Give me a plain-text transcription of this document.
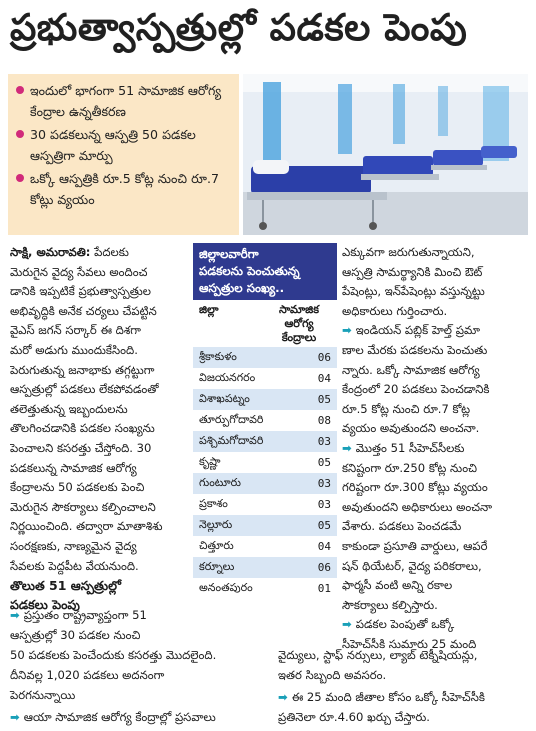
ప్రభుత్వాస్పత్రుల్లో పడకల పెంపు
ఇందులో భాగంగా 51 సామాజిక ఆరోగ్య కేంద్రాల ఉన్నతీకరణ
30 పడకలున్న ఆస్పత్రి 50 పడకల ఆస్పత్రిగా మార్పు
ఒక్కో ఆస్పత్రికి రూ.5 కోట్ల నుంచి రూ.7 కోట్లు వ్యయం
సాక్షి, అమరావతి: పేదలకు
మెరుగైన వైద్య సేవలు అందించ
డానికి ఇప్పటికే ప్రభుత్వాస్పత్రుల
అభివృద్ధికి అనేక చర్యలు చేపట్టిన
వైఎస్ జగన్ సర్కార్ ఈ దిశగా
మరో అడుగు ముందుకేసింది.
పెరుగుతున్న జనాభాకు తగ్గట్టుగా
ఆస్పత్రుల్లో పడకలు లేకపోవడంతో
తలెత్తుతున్న ఇబ్బందులను
తొలగించడానికి పడకల సంఖ్యను
పెంచాలని కసరత్తు చేస్తోంది. 30
పడకలున్న సామాజిక ఆరోగ్య
కేంద్రాలను 50 పడకలకు పెంచి
మెరుగైన సౌకర్యాలు కల్పించాలని
నిర్ణయించింది. తద్వారా మాతాశిశు
సంరక్షణకు, నాణ్యమైన వైద్య
సేవలకు పెద్దపీట వేయనుంది.
తొలుత 51 ఆస్పత్రుల్లో
పడకలు పెంపు
➡ ప్రస్తుతం రాష్ట్రవ్యాప్తంగా 51
ఆస్పత్రుల్లో 30 పడకల నుంచి
50 పడకలకు పెంచేందుకు కసరత్తు మొదలైంది.
దీనివల్ల 1,020 పడకలు అదనంగా
పెరగనున్నాయి
➡ ఆయా సామాజిక ఆరోగ్య కేంద్రాల్లో ప్రసవాలు
జిల్లాలవారీగా
పడకలను పెంచుతున్న
ఆస్పత్రుల సంఖ్య..
జిల్లా	సామాజిక
ఆరోగ్య
కేంద్రాలు
శ్రీకాకుళం	06
విజయనగరం	04
విశాఖపట్నం	05
తూర్పుగోదావరి	08
పశ్చిమగోదావరి	03
కృష్ణా	05
గుంటూరు	03
ప్రకాశం	03
నెల్లూరు	05
చిత్తూరు	04
కర్నూలు	06
అనంతపురం	01
ఎక్కువగా జరుగుతున్నాయని,
ఆస్పత్రి సామర్థ్యానికి మించి ఔట్
పేషెంట్లు, ఇన్‌పేషెంట్లు వస్తున్నట్టు
అధికారులు గుర్తించారు.
➡ ఇండియన్ పబ్లిక్ హెల్త్ ప్రమా
ణాల మేరకు పడకలను పెంచుతు
న్నారు. ఒక్కో సామాజిక ఆరోగ్య
కేంద్రంలో 20 పడకలు పెంచడానికి
రూ.5 కోట్ల నుంచి రూ.7 కోట్ల
వ్యయం అవుతుందని అంచనా.
➡ మొత్తం 51 సీహెచ్‌సీలకు
కనిష్టంగా రూ.250 కోట్ల నుంచి
గరిష్టంగా రూ.300 కోట్లు వ్యయం
అవుతుందని అధికారులు అంచనా
వేశారు. పడకలు పెంచడమే
కాకుండా ప్రసూతి వార్డులు, ఆపరే
షన్ థియేటర్, వైద్య పరికరాలు,
ఫార్మసీ వంటి అన్ని రకాల
సౌకర్యాలు కల్పిస్తారు.
➡ పడకల పెంపుతో ఒక్కో
సీహెచ్‌సీకి సుమారు 25 మంది
వైద్యులు, స్టాఫ్ నర్సులు, ల్యాబ్ టెక్నీషియన్లు,
ఇతర సిబ్బంది అవసరం.
➡ ఈ 25 మంది జీతాల కోసం ఒక్కో సీహెచ్‌సీకి
ప్రతినెలా రూ.4.60 ఖర్చు చేస్తారు.
